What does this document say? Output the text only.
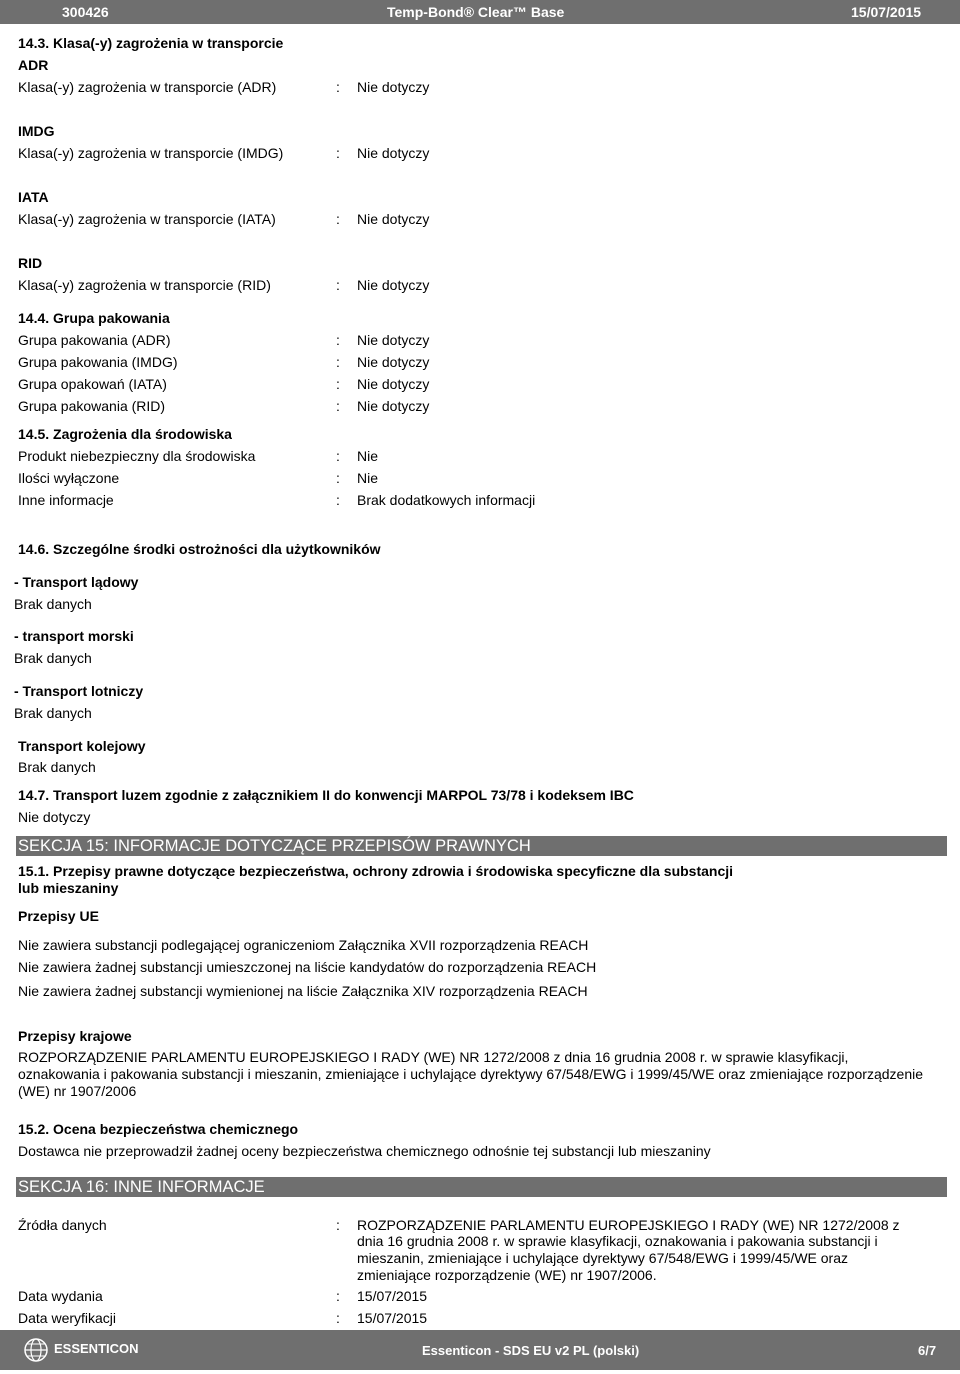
300426	Temp-Bond® Clear™ Base	15/07/2015
14.3. Klasa(-y) zagrożenia w transporcie
ADR
Klasa(-y) zagrożenia w transporcie (ADR)	: Nie dotyczy
IMDG
Klasa(-y) zagrożenia w transporcie (IMDG)	: Nie dotyczy
IATA
Klasa(-y) zagrożenia w transporcie (IATA)	: Nie dotyczy
RID
Klasa(-y) zagrożenia w transporcie (RID)	: Nie dotyczy
14.4. Grupa pakowania
Grupa pakowania (ADR)	: Nie dotyczy
Grupa pakowania (IMDG)	: Nie dotyczy
Grupa opakowań (IATA)	: Nie dotyczy
Grupa pakowania (RID)	: Nie dotyczy
14.5. Zagrożenia dla środowiska
Produkt niebezpieczny dla środowiska	: Nie
Ilości wyłączone	: Nie
Inne informacje	: Brak dodatkowych informacji
14.6. Szczególne środki ostrożności dla użytkowników
- Transport lądowy
Brak danych
- transport morski
Brak danych
- Transport lotniczy
Brak danych
Transport kolejowy
Brak danych
14.7. Transport luzem zgodnie z załącznikiem II do konwencji MARPOL 73/78 i kodeksem IBC
Nie dotyczy
SEKCJA 15: INFORMACJE DOTYCZĄCE PRZEPISÓW PRAWNYCH
15.1. Przepisy prawne dotyczące bezpieczeństwa, ochrony zdrowia i środowiska specyficzne dla substancji
lub mieszaniny
Przepisy UE
Nie zawiera substancji podlegającej ograniczeniom Załącznika XVII rozporządzenia REACH
Nie zawiera żadnej substancji umieszczonej na liście kandydatów do rozporządzenia REACH
Nie zawiera żadnej substancji wymienionej na liście Załącznika XIV rozporządzenia REACH
Przepisy krajowe
ROZPORZĄDZENIE PARLAMENTU EUROPEJSKIEGO I RADY (WE) NR 1272/2008 z dnia 16 grudnia 2008 r. w sprawie klasyfikacji,
oznakowania i pakowania substancji i mieszanin, zmieniające i uchylające dyrektywy 67/548/EWG i 1999/45/WE oraz zmieniające rozporządzenie
(WE) nr 1907/2006
15.2. Ocena bezpieczeństwa chemicznego
Dostawca nie przeprowadził żadnej oceny bezpieczeństwa chemicznego odnośnie tej substancji lub mieszaniny
SEKCJA 16: INNE INFORMACJE
Źródła danych	: ROZPORZĄDZENIE PARLAMENTU EUROPEJSKIEGO I RADY (WE) NR 1272/2008 z
dnia 16 grudnia 2008 r. w sprawie klasyfikacji, oznakowania i pakowania substancji i
mieszanin, zmieniające i uchylające dyrektywy 67/548/EWG i 1999/45/WE oraz
zmieniające rozporządzenie (WE) nr 1907/2006.
Data wydania	: 15/07/2015
Data weryfikacji	: 15/07/2015
ESSENTICON	Essenticon - SDS EU v2 PL (polski)	6/7
